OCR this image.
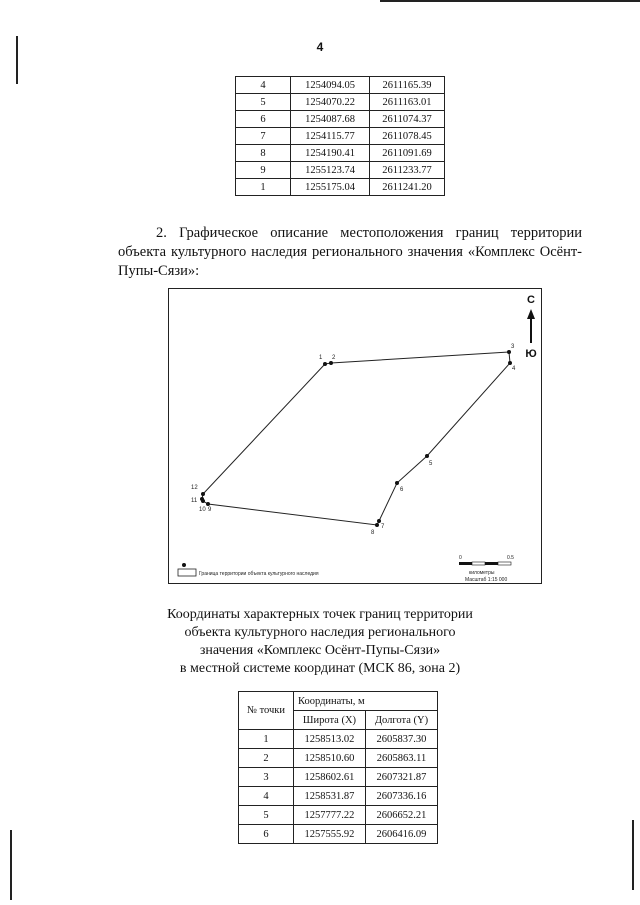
4
4	1254094.05	2611165.39
5	1254070.22	2611163.01
6	1254087.68	2611074.37
7	1254115.77	2611078.45
8	1254190.41	2611091.69
9	1255123.74	2611233.77
1	1255175.04	2611241.20
2. Графическое описание местоположения границ территории объекта культурного наследия регионального значения «Комплекс Осёнт-Пупы-Сязи»:
1 2
3
4
5
6
7
8
9
10
11
12
С
Ю
Граница территории объекта культурного наследия
0	0.5
километры
Масштаб 1:15 000
Координаты характерных точек границ территории
объекта культурного наследия регионального
значения «Комплекс Осёнт-Пупы-Сязи»
в местной системе координат (МСК 86, зона 2)
№ точки	Координаты, м	
	Широта (X)	Долгота (Y)
1	1258513.02	2605837.30
2	1258510.60	2605863.11
3	1258602.61	2607321.87
4	1258531.87	2607336.16
5	1257777.22	2606652.21
6	1257555.92	2606416.09
